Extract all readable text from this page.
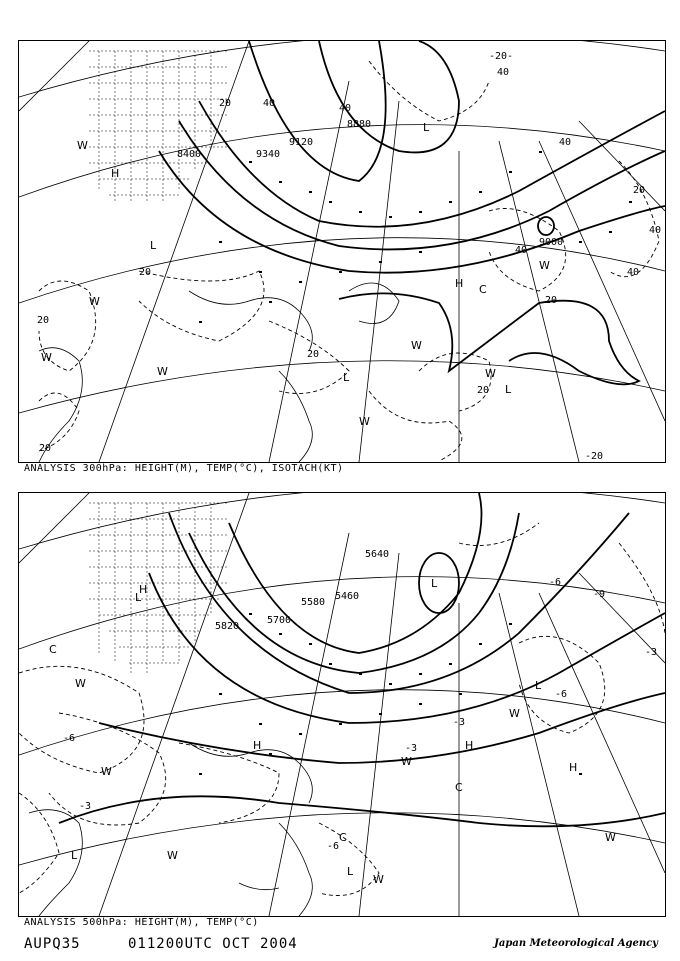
8400	9340
9120
8880
9000
-20-
20	40	40
40
40
20
40
40
40
20
20
20
20
20
20
-20
L
L
L
L
H
H C
W
W
W
W
W
W
W
W
ANALYSIS 300hPa: HEIGHT(M), TEMP(°C), ISOTACH(KT)
5640
5460
5580
5700
5820
-9
-6
-6
-6
-3
-6
-3
-3
-3
L
L
L
L
L
H
H	H
H
C
C
C
W
W
W
W
W
W
W
ANALYSIS 500hPa: HEIGHT(M), TEMP(°C)
AUPQ35	011200UTC OCT 2004	Japan Meteorological Agency
